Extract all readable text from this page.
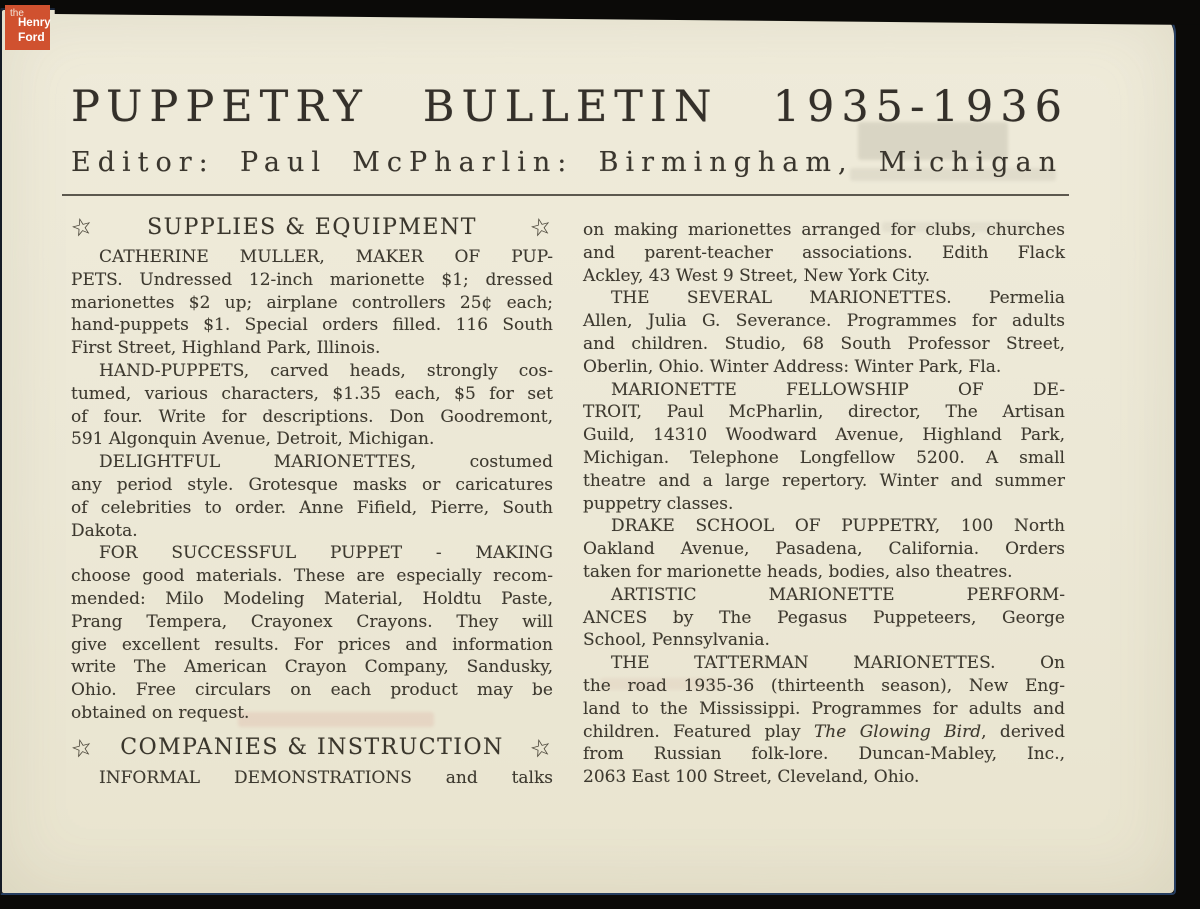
the
Henry
Ford
PUPPETRY BULLETIN 1935-1936
Editor: Paul McPharlin: Birmingham, Michigan
☆	SUPPLIES & EQUIPMENT	☆
CATHERINE MULLER, MAKER OF PUP-
PETS. Undressed 12-inch marionette $1; dressed
marionettes $2 up; airplane controllers 25¢ each;
hand-puppets $1. Special orders filled. 116 South
First Street, Highland Park, Illinois.
HAND-PUPPETS, carved heads, strongly cos-
tumed, various characters, $1.35 each, $5 for set
of four. Write for descriptions. Don Goodremont,
591 Algonquin Avenue, Detroit, Michigan.
DELIGHTFUL MARIONETTES, costumed
any period style. Grotesque masks or caricatures
of celebrities to order. Anne Fifield, Pierre, South
Dakota.
FOR SUCCESSFUL PUPPET - MAKING
choose good materials. These are especially recom-
mended: Milo Modeling Material, Holdtu Paste,
Prang Tempera, Crayonex Crayons. They will
give excellent results. For prices and information
write The American Crayon Company, Sandusky,
Ohio. Free circulars on each product may be
obtained on request.
☆	COMPANIES & INSTRUCTION ☆
INFORMAL DEMONSTRATIONS and talks
on making marionettes arranged for clubs, churches
and parent-teacher associations. Edith Flack
Ackley, 43 West 9 Street, New York City.
THE SEVERAL MARIONETTES. Permelia
Allen, Julia G. Severance. Programmes for adults
and children. Studio, 68 South Professor Street,
Oberlin, Ohio. Winter Address: Winter Park, Fla.
MARIONETTE FELLOWSHIP OF DE-
TROIT, Paul McPharlin, director, The Artisan
Guild, 14310 Woodward Avenue, Highland Park,
Michigan. Telephone Longfellow 5200. A small
theatre and a large repertory. Winter and summer
puppetry classes.
DRAKE SCHOOL OF PUPPETRY, 100 North
Oakland Avenue, Pasadena, California. Orders
taken for marionette heads, bodies, also theatres.
ARTISTIC MARIONETTE PERFORM-
ANCES by The Pegasus Puppeteers, George
School, Pennsylvania.
THE TATTERMAN MARIONETTES. On
the road 1935-36 (thirteenth season), New Eng-
land to the Mississippi. Programmes for adults and
children. Featured play The Glowing Bird, derived
from Russian folk-lore. Duncan-Mabley, Inc.,
2063 East 100 Street, Cleveland, Ohio.
